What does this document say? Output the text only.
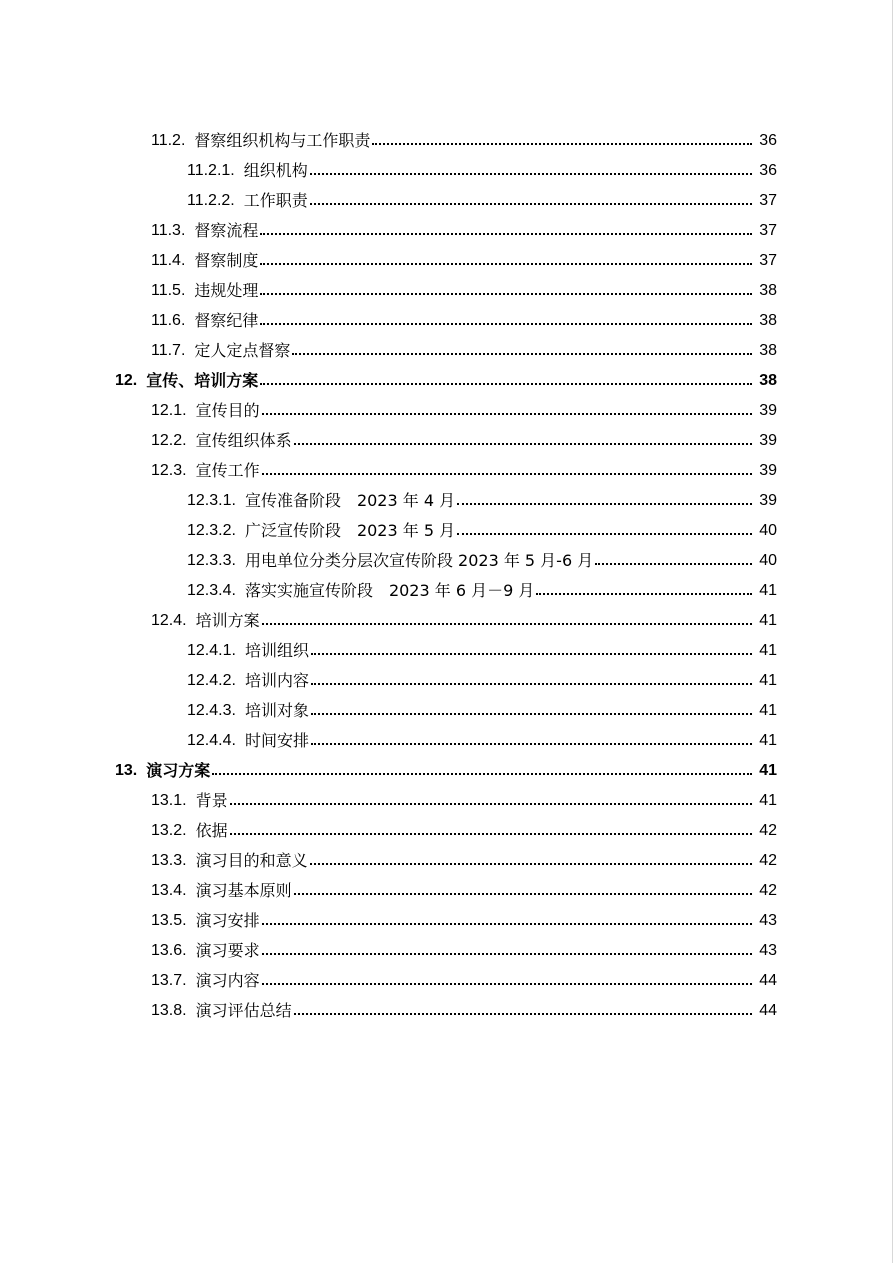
11.2. 督察组织机构与工作职责	36
11.2.1. 组织机构	36
11.2.2. 工作职责	37
11.3. 督察流程	37
11.4. 督察制度	37
11.5. 违规处理	38
11.6. 督察纪律	38
11.7. 定人定点督察	38
12. 宣传、培训方案	38
12.1. 宣传目的	39
12.2. 宣传组织体系	39
12.3. 宣传工作	39
12.3.1. 宣传准备阶段　2023 年 4 月	39
12.3.2. 广泛宣传阶段　2023 年 5 月	40
12.3.3. 用电单位分类分层次宣传阶段 2023 年 5 月-6 月	40
12.3.4. 落实实施宣传阶段　2023 年 6 月－9 月	41
12.4. 培训方案	41
12.4.1. 培训组织	41
12.4.2. 培训内容	41
12.4.3. 培训对象	41
12.4.4. 时间安排	41
13. 演习方案	41
13.1. 背景	41
13.2. 依据	42
13.3. 演习目的和意义	42
13.4. 演习基本原则	42
13.5. 演习安排	43
13.6. 演习要求	43
13.7. 演习内容	44
13.8. 演习评估总结	44
